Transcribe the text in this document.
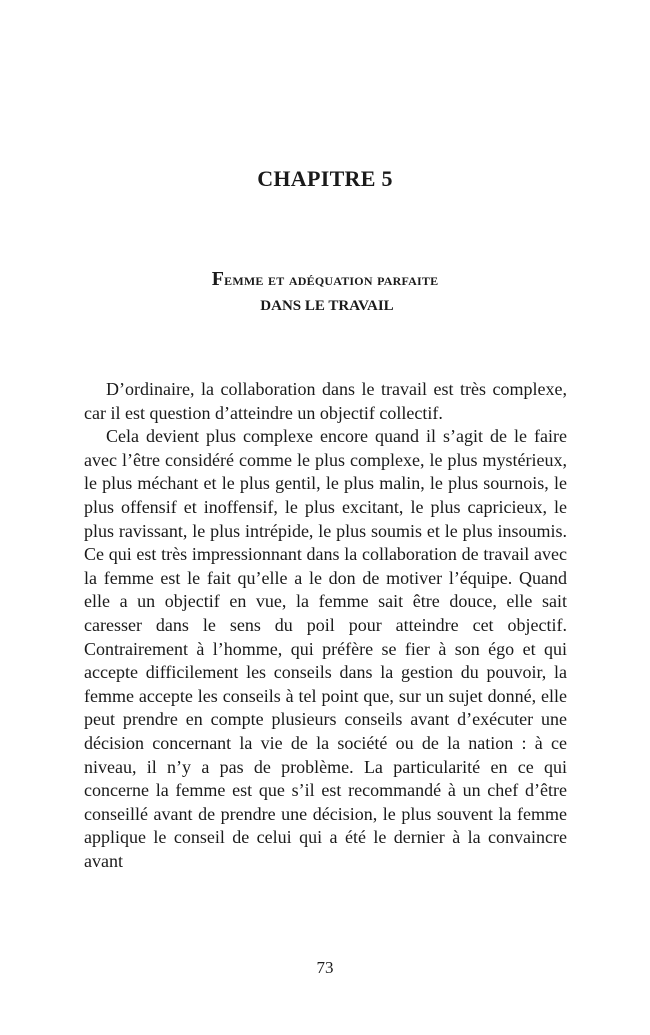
CHAPITRE 5
Femme et adéquation parfaite
DANS LE TRAVAIL

D’ordinaire, la collaboration dans le travail est très complexe, car il est question d’atteindre un objectif collectif.

Cela devient plus complexe encore quand il s’agit de le faire avec l’être considéré comme le plus complexe, le plus mystérieux, le plus méchant et le plus gentil, le plus malin, le plus sournois, le plus offensif et inoffensif, le plus excitant, le plus capricieux, le plus ravissant, le plus intrépide, le plus soumis et le plus insoumis. Ce qui est très impressionnant dans la collaboration de travail avec la femme est le fait qu’elle a le don de motiver l’équipe. Quand elle a un objectif en vue, la femme sait être douce, elle sait caresser dans le sens du poil pour atteindre cet objectif. Contrairement à l’homme, qui préfère se fier à son égo et qui accepte difficilement les conseils dans la gestion du pouvoir, la femme accepte les conseils à tel point que, sur un sujet donné, elle peut prendre en compte plusieurs conseils avant d’exécuter une décision concernant la vie de la société ou de la nation : à ce niveau, il n’y a pas de problème. La particularité en ce qui concerne la femme est que s’il est recommandé à un chef d’être conseillé avant de prendre une décision, le plus souvent la femme applique le conseil de celui qui a été le dernier à la convaincre avant

73
